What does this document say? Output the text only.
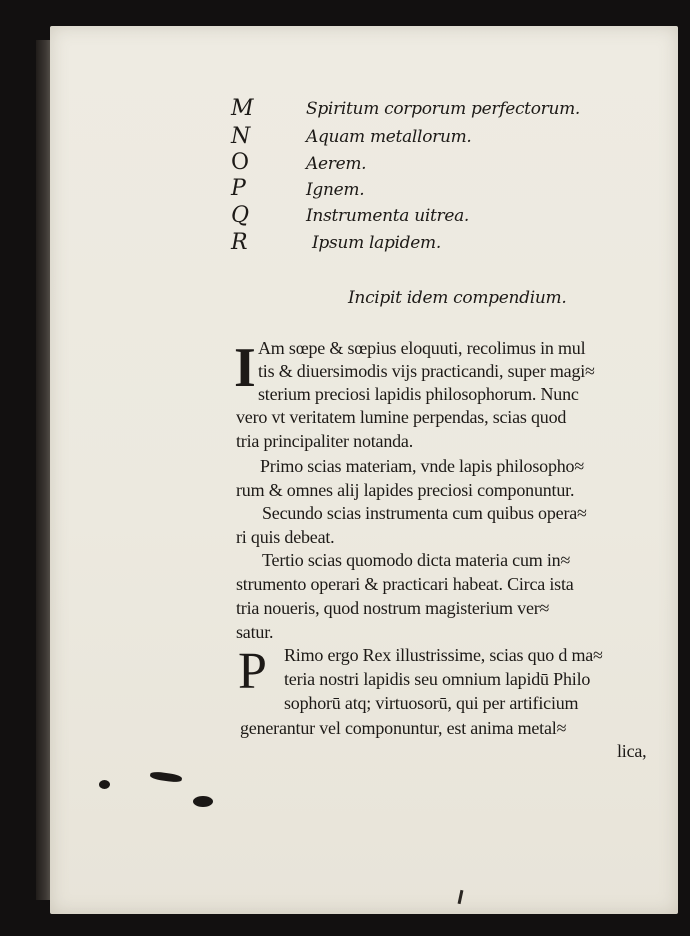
M	Spiritum corporum perfectorum.
N	Aquam metallorum.
O	Aerem.
P	Ignem.
Q	Instrumenta uitrea.
R	Ipsum lapidem.
Incipit idem compendium.
I Am sœpe & sœpius eloquuti, recolimus in mul
tis & diuersimodis vijs practicandi, super magi≈
sterium preciosi lapidis philosophorum. Nunc
vero vt veritatem lumine perpendas, scias quod
tria principaliter notanda.
Primo scias materiam, vnde lapis philosopho≈
rum & omnes alij lapides preciosi componuntur.
Secundo scias instrumenta cum quibus opera≈
ri quis debeat.
Tertio scias quomodo dicta materia cum in≈
strumento operari & practicari habeat. Circa ista
tria noueris, quod nostrum magisterium ver≈
satur.
P Rimo ergo Rex illustrissime, scias quo d ma≈
teria nostri lapidis seu omnium lapidū Philo
sophorū atq; virtuosorū, qui per artificium
generantur vel componuntur, est anima metal≈
lica,
